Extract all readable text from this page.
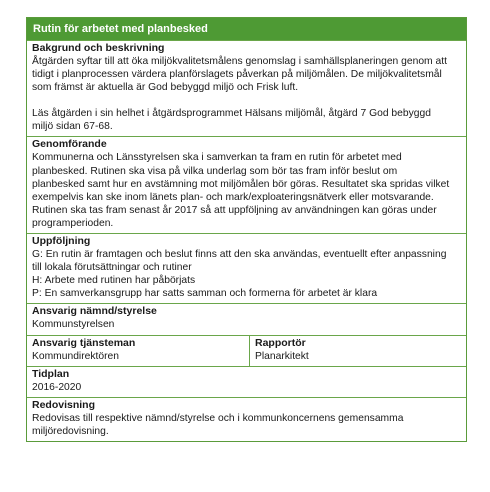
Rutin för arbetet med planbesked
Bakgrund och beskrivning

Åtgärden syftar till att öka miljökvalitetsmålens genomslag i samhällsplaneringen genom att

tidigt i planprocessen värdera planförslagets påverkan på miljömålen. De miljökvalitetsmål

som främst är aktuella är God bebyggd miljö och Frisk luft.

Läs åtgärden i sin helhet i åtgärdsprogrammet Hälsans miljömål, åtgärd 7 God bebyggd

miljö sidan 67-68.

Genomförande

Kommunerna och Länsstyrelsen ska i samverkan ta fram en rutin för arbetet med

planbesked. Rutinen ska visa på vilka underlag som bör tas fram inför beslut om

planbesked samt hur en avstämning mot miljömålen bör göras. Resultatet ska spridas vilket

exempelvis kan ske inom länets plan- och mark/exploateringsnätverk eller motsvarande.

Rutinen ska tas fram senast år 2017 så att uppföljning av användningen kan göras under

programperioden.

Uppföljning

G: En rutin är framtagen och beslut finns att den ska användas, eventuellt efter anpassning

till lokala förutsättningar och rutiner

H: Arbete med rutinen har påbörjats

P: En samverkansgrupp har satts samman och formerna för arbetet är klara

Ansvarig nämnd/styrelse
Kommunstyrelsen
Ansvarig tjänsteman
Kommundirektören
Rapportör
Planarkitekt
Tidplan
2016-2020
Redovisning

Redovisas till respektive nämnd/styrelse och i kommunkoncernens gemensamma

miljöredovisning.
